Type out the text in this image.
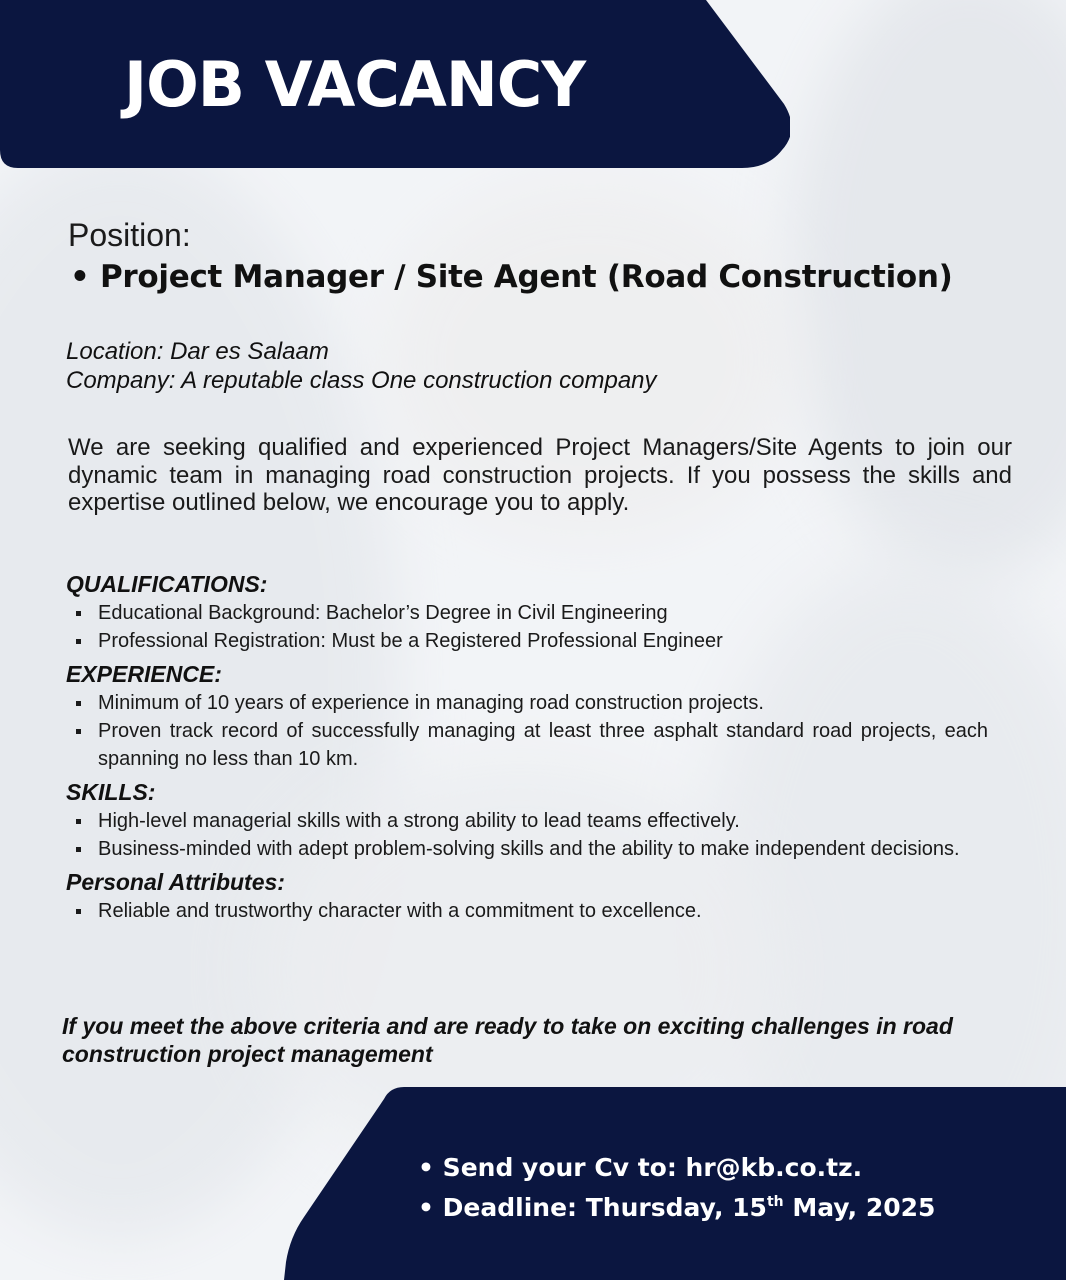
JOB VACANCY
Position:
• Project Manager / Site Agent (Road Construction)
Location: Dar es Salaam
Company: A reputable class One construction company

We are seeking qualified and experienced Project Managers/Site Agents to join our dynamic team in managing road construction projects. If you possess the skills and expertise outlined below, we encourage you to apply.

QUALIFICATIONS:
Educational Background: Bachelor’s Degree in Civil Engineering
Professional Registration: Must be a Registered Professional Engineer
EXPERIENCE:
Minimum of 10 years of experience in managing road construction projects.
Proven track record of successfully managing at least three asphalt standard road projects, each spanning no less than 10 km.
SKILLS:
High-level managerial skills with a strong ability to lead teams effectively.
Business-minded with adept problem-solving skills and the ability to make independent decisions.
Personal Attributes:
Reliable and trustworthy character with a commitment to excellence.

If you meet the above criteria and are ready to take on exciting challenges in road construction project management

• Send your Cv to: hr@kb.co.tz.
• Deadline: Thursday, 15th May, 2025
